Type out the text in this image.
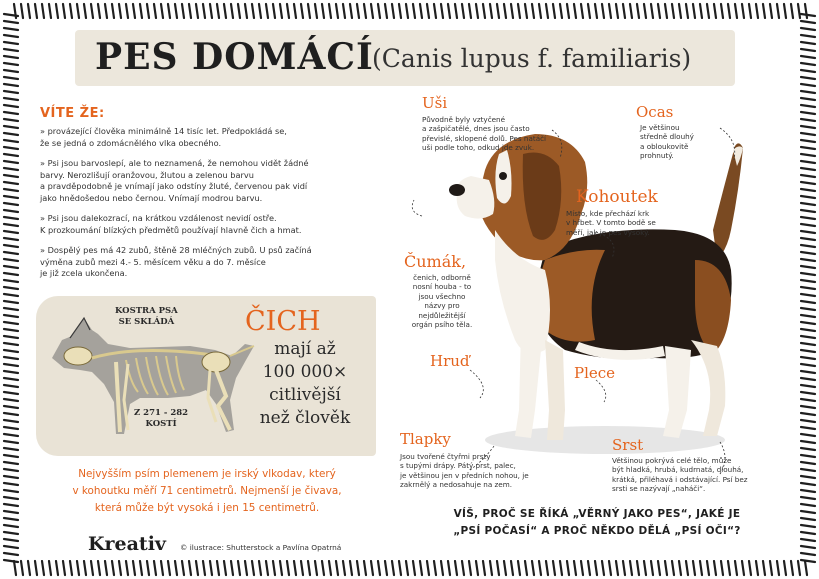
PES DOMÁCÍ
(Canis lupus f. familiaris)
VÍTE ŽE:

» provázející člověka minimálně 14 tisíc let. Předpokládá se,
že se jedná o zdomácnělého vlka obecného.

» Psi jsou barvoslepí, ale to neznamená, že nemohou vidět žádné
barvy. Nerozlišují oranžovou, žlutou a zelenou barvu
a pravděpodobně je vnímají jako odstíny žluté, červenou pak vidí
jako hnědošedou nebo černou. Vnímají modrou barvu.

» Psi jsou dalekozrací, na krátkou vzdálenost nevidí ostře.
K prozkoumání blízkých předmětů používají hlavně čich a hmat.

» Dospělý pes má 42 zubů, štěně 28 mléčných zubů. U psů začíná
výměna zubů mezi 4.- 5. měsícem věku a do 7. měsíce
je již zcela ukončena.

KOSTRA PSA
SE SKLÁDÁ
Z 271 - 282
KOSTÍ
ČICH
mají až
100 000×
citlivější
než člověk
Nejvyšším psím plemenem je irský vlkodav, který
v kohoutku měří 71 centimetrů. Nejmenší je čivava,
která může být vysoká i jen 15 centimetrů.
Kreativ © ilustrace: Shutterstock a Pavlína Opatrná
Uši
Původně byly vztyčené
a zašpičatělé, dnes jsou často
převislé, sklopené dolů. Pes natáčí
uši podle toho, odkud jde zvuk.
Ocas
Je většinou
středně dlouhý
a obloukovitě
prohnutý.
Kohoutek
Místo, kde přechází krk
v hřbet. V tomto bodě se
měří, jak je pes vysoký.
Čumák,
čenich, odborně
nosní houba - to
jsou všechno
názvy pro
nejdůležitější
orgán psího těla.
Hruď
Plece
Tlapky
Jsou tvořené čtyřmi prsty
s tupými drápy. Pátý prst, palec,
je většinou jen v předních nohou, je
zakrnělý a nedosahuje na zem.
Srst
Většinou pokrývá celé tělo, může
být hladká, hrubá, kudrnatá, dlouhá,
krátká, přiléhavá i odstávající. Psí bez
srsti se nazývají „naháči“.
VÍŠ, PROČ SE ŘÍKÁ „VĚRNÝ JAKO PES“, JAKÉ JE
„PSÍ POČASÍ“ A PROČ NĚKDO DĚLÁ „PSÍ OČI“?
